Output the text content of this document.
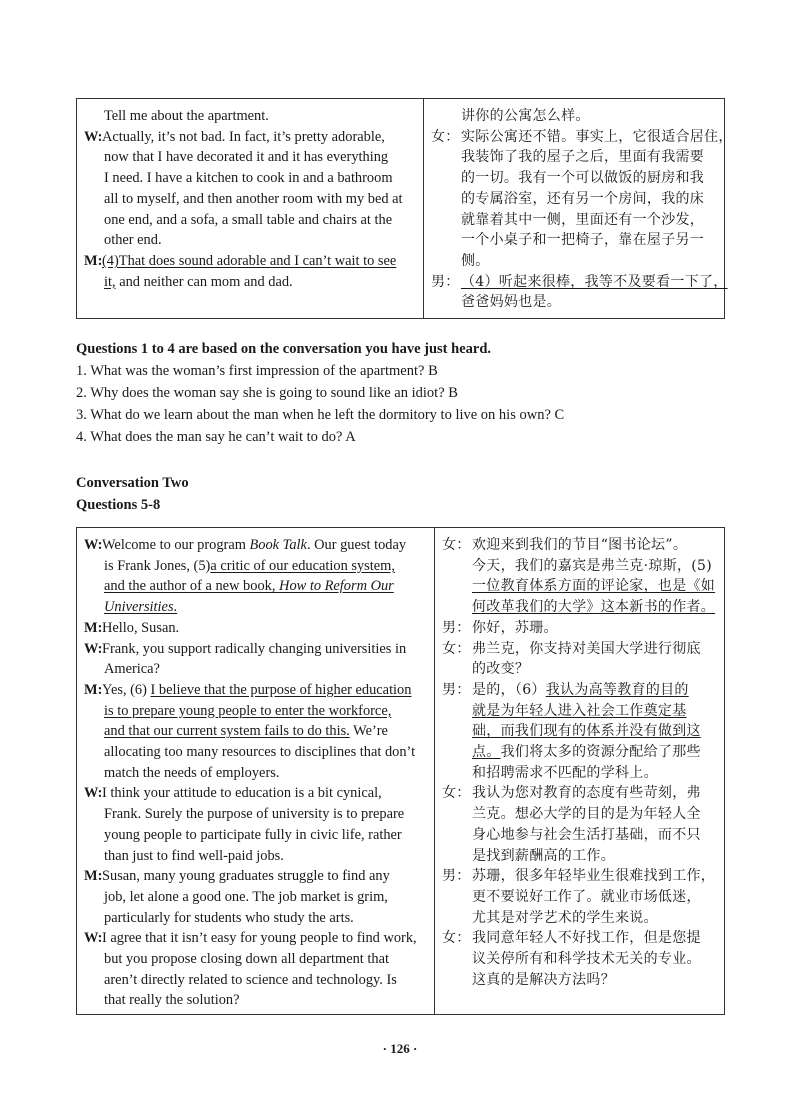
Tell me about the apartment.
W:Actually, it’s not bad. In fact, it’s pretty adorable,
now that I have decorated it and it has everything
I need. I have a kitchen to cook in and a bathroom
all to myself, and then another room with my bed at
one end, and a sofa, a small table and chairs at the
other end.
M:(4)That does sound adorable and I can’t wait to see
it, and neither can mom and dad.
讲你的公寓怎么样。
女：实际公寓还不错。事实上，它很适合居住，
我装饰了我的屋子之后，里面有我需要
的一切。我有一个可以做饭的厨房和我
的专属浴室，还有另一个房间，我的床
就靠着其中一侧，里面还有一个沙发，
一个小桌子和一把椅子，靠在屋子另一
侧。
男：（4）听起来很棒，我等不及要看一下了，
爸爸妈妈也是。
Questions 1 to 4 are based on the conversation you have just heard.
1. What was the woman’s first impression of the apartment? B
2. Why does the woman say she is going to sound like an idiot? B
3. What do we learn about the man when he left the dormitory to live on his own? C
4. What does the man say he can’t wait to do? A
Conversation Two
Questions 5-8
W:Welcome to our program Book Talk. Our guest today
is Frank Jones, (5)a critic of our education system,
and the author of a new book, How to Reform Our
Universities.
M:Hello, Susan.
W:Frank, you support radically changing universities in
America?
M:Yes, (6) I believe that the purpose of higher education
is to prepare young people to enter the workforce,
and that our current system fails to do this. We’re
allocating too many resources to disciplines that don’t
match the needs of employers.
W:I think your attitude to education is a bit cynical,
Frank. Surely the purpose of university is to prepare
young people to participate fully in civic life, rather
than just to find well-paid jobs.
M:Susan, many young graduates struggle to find any
job, let alone a good one. The job market is grim,
particularly for students who study the arts.
W:I agree that it isn’t easy for young people to find work,
but you propose closing down all department that
aren’t directly related to science and technology. Is
that really the solution?
女：欢迎来到我们的节目“图书论坛”。
今天，我们的嘉宾是弗兰克·琼斯，(5)
一位教育体系方面的评论家，也是《如
何改革我们的大学》这本新书的作者。
男：你好，苏珊。
女：弗兰克，你支持对美国大学进行彻底
的改变？
男：是的，（6）我认为高等教育的目的
就是为年轻人进入社会工作奠定基
础，而我们现有的体系并没有做到这
点。我们将太多的资源分配给了那些
和招聘需求不匹配的学科上。
女：我认为您对教育的态度有些苛刻，弗
兰克。想必大学的目的是为年轻人全
身心地参与社会生活打基础，而不只
是找到薪酬高的工作。
男：苏珊，很多年轻毕业生很难找到工作，
更不要说好工作了。就业市场低迷，
尤其是对学艺术的学生来说。
女：我同意年轻人不好找工作，但是您提
议关停所有和科学技术无关的专业。
这真的是解决方法吗？
· 126 ·
